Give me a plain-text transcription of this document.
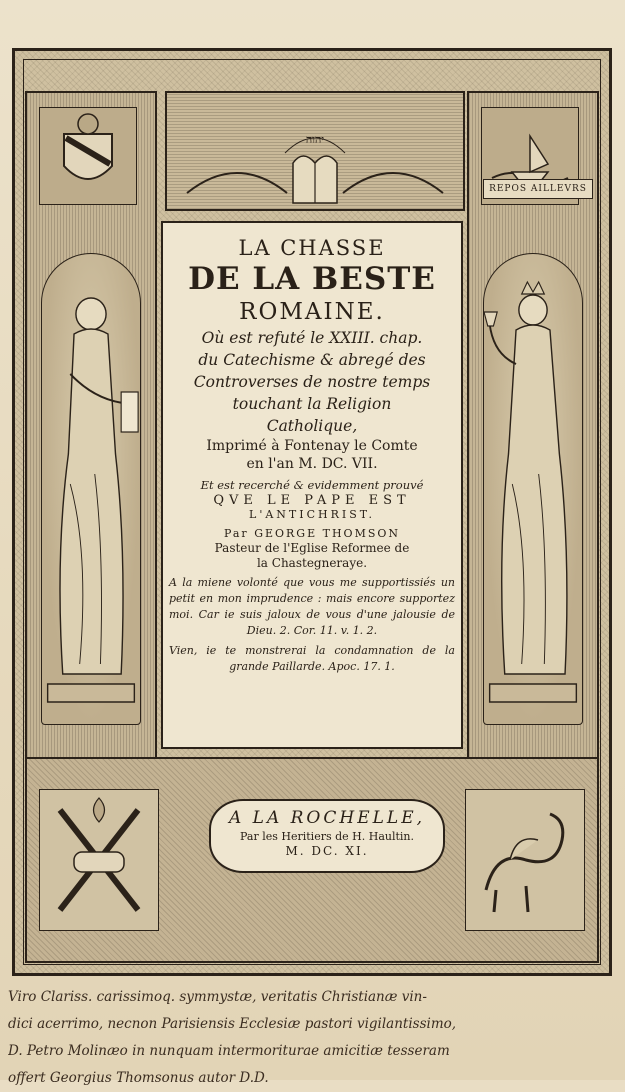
REPOS AILLEVRS
יהוה
LA CHASSE
DE LA BESTE
ROMAINE.
Où est refuté le XXIII. chap.
du Catechisme & abregé des
Controverses de nostre temps
touchant la Religion
Catholique,
Imprimé à Fontenay le Comte
en l'an M. DC. VII.
Et est recerché & evidemment prouvé
QVE LE PAPE EST
L'ANTICHRIST.
Par GEORGE THOMSON
Pasteur de l'Eglise Reformee de
la Chastegneraye.
A la miene volonté que vous me supportissiés un petit en mon imprudence : mais encore supportez moi. Car ie suis jaloux de vous d'une jalousie de Dieu. 2. Cor. 11. v. 1. 2.
Vien, ie te monstrerai la condamnation de la grande Paillarde. Apoc. 17. 1.
A LA ROCHELLE,
Par les Heritiers de H. Haultin.
M. DC. XI.
Viro Clariss. carissimoq. symmystæ, veritatis Christianæ vin-
dici acerrimo, necnon Parisiensis Ecclesiæ pastori vigilantissimo,
D. Petro Molinæo in nunquam intermoriturae amicitiæ tesseram
offert Georgius Thomsonus autor D.D.
